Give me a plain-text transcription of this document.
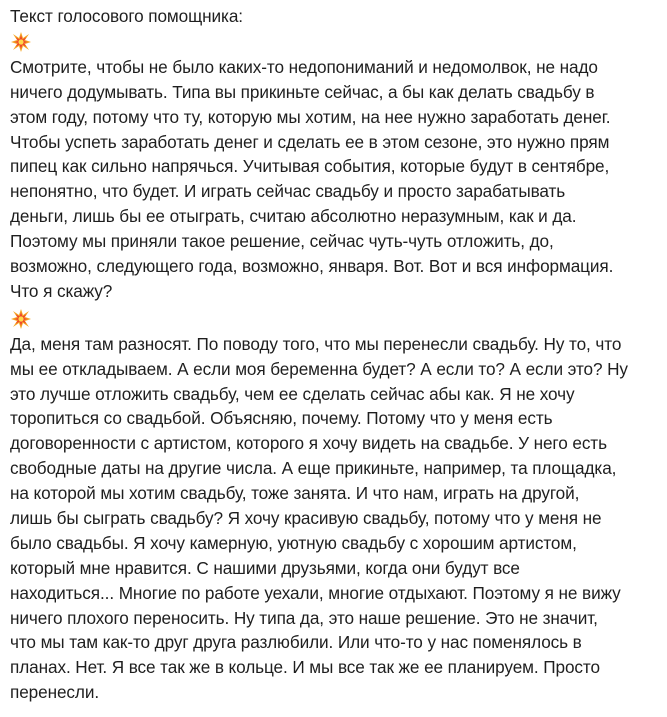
Текст голосового помощника:
Смотрите, чтобы не было каких-то недопониманий и недомолвок, не надо
ничего додумывать. Типа вы прикиньте сейчас, а бы как делать свадьбу в
этом году, потому что ту, которую мы хотим, на нее нужно заработать денег.
Чтобы успеть заработать денег и сделать ее в этом сезоне, это нужно прям
пипец как сильно напрячься. Учитывая события, которые будут в сентябре,
непонятно, что будет. И играть сейчас свадьбу и просто зарабатывать
деньги, лишь бы ее отыграть, считаю абсолютно неразумным, как и да.
Поэтому мы приняли такое решение, сейчас чуть-чуть отложить, до,
возможно, следующего года, возможно, января. Вот. Вот и вся информация.
Что я скажу?
Да, меня там разносят. По поводу того, что мы перенесли свадьбу. Ну то, что
мы ее откладываем. А если моя беременна будет? А если то? А если это? Ну
это лучше отложить свадьбу, чем ее сделать сейчас абы как. Я не хочу
торопиться со свадьбой. Объясняю, почему. Потому что у меня есть
договоренности с артистом, которого я хочу видеть на свадьбе. У него есть
свободные даты на другие числа. А еще прикиньте, например, та площадка,
на которой мы хотим свадьбу, тоже занята. И что нам, играть на другой,
лишь бы сыграть свадьбу? Я хочу красивую свадьбу, потому что у меня не
было свадьбы. Я хочу камерную, уютную свадьбу с хорошим артистом,
который мне нравится. С нашими друзьями, когда они будут все
находиться... Многие по работе уехали, многие отдыхают. Поэтому я не вижу
ничего плохого переносить. Ну типа да, это наше решение. Это не значит,
что мы там как-то друг друга разлюбили. Или что-то у нас поменялось в
планах. Нет. Я все так же в кольце. И мы все так же ее планируем. Просто
перенесли.
